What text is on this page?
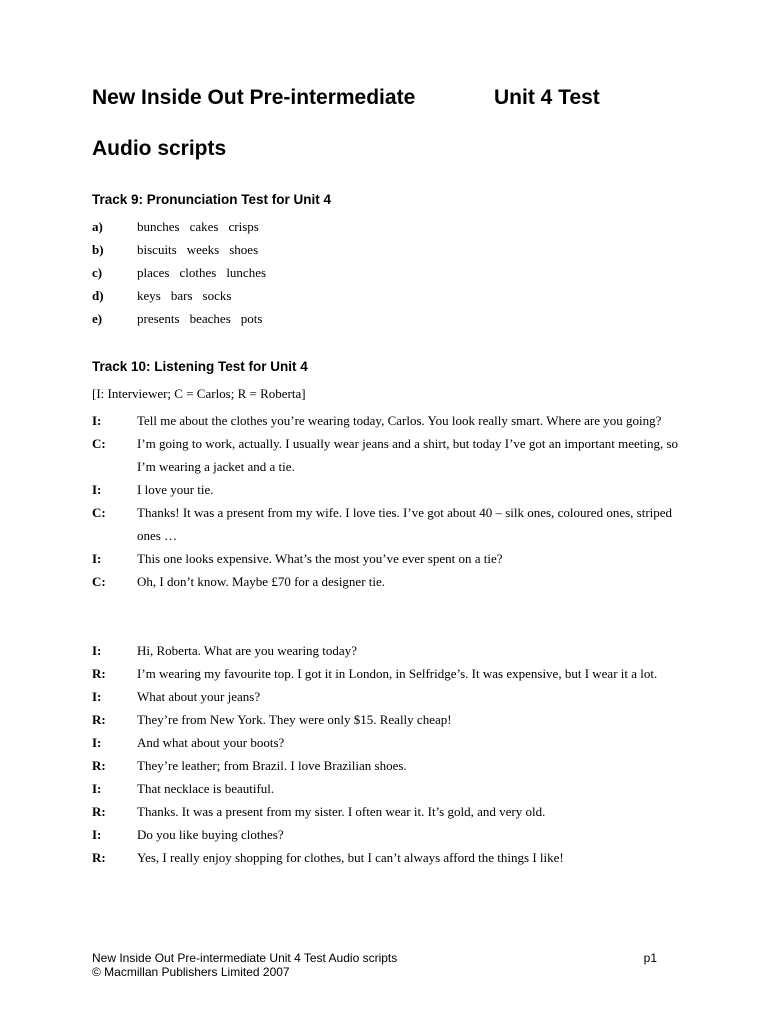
New Inside Out Pre-intermediate	Unit 4 Test
Audio scripts
Track 9: Pronunciation Test for Unit 4
a)	bunches cakes crisps
b)	biscuits weeks shoes
c)	places clothes lunches
d)	keys bars socks
e)	presents beaches pots
Track 10: Listening Test for Unit 4
[I: Interviewer; C = Carlos; R = Roberta]
I:	Tell me about the clothes you’re wearing today, Carlos. You look really smart. Where are you going?
C:	I’m going to work, actually. I usually wear jeans and a shirt, but today I’ve got an important meeting, so I’m wearing a jacket and a tie.
I:	I love your tie.
C:	Thanks! It was a present from my wife. I love ties. I’ve got about 40 – silk ones, coloured ones, striped ones …
I:	This one looks expensive. What’s the most you’ve ever spent on a tie?
C:	Oh, I don’t know. Maybe £70 for a designer tie.
I:	Hi, Roberta. What are you wearing today?
R:	I’m wearing my favourite top. I got it in London, in Selfridge’s. It was expensive, but I wear it a lot.
I:	What about your jeans?
R:	They’re from New York. They were only $15. Really cheap!
I:	And what about your boots?
R:	They’re leather; from Brazil. I love Brazilian shoes.
I:	That necklace is beautiful.
R:	Thanks. It was a present from my sister. I often wear it. It’s gold, and very old.
I:	Do you like buying clothes?
R:	Yes, I really enjoy shopping for clothes, but I can’t always afford the things I like!
New Inside Out Pre-intermediate Unit 4 Test Audio scripts	p1
© Macmillan Publishers Limited 2007
